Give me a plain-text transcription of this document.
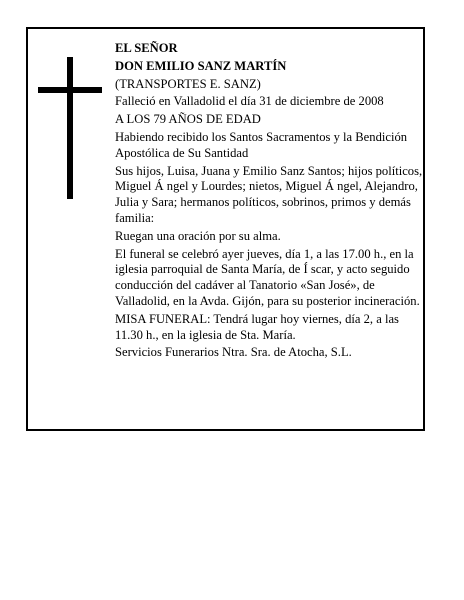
EL SEÑOR

DON EMILIO SANZ MARTÍN

(TRANSPORTES E. SANZ)

Falleció en Valladolid el día 31 de diciembre de 2008

A LOS 79 AÑOS DE EDAD

Habiendo recibido los Santos Sacramentos y la Bendición Apostólica de Su Santidad

Sus hijos, Luisa, Juana y Emilio Sanz Santos; hijos políticos, Miguel Á ngel y Lourdes; nietos, Miguel Á ngel, Alejandro, Julia y Sara; hermanos políticos, sobrinos, primos y demás familia:

Ruegan una oración por su alma.

El funeral se celebró ayer jueves, día 1, a las 17.00 h., en la iglesia parroquial de Santa María, de Í scar, y acto seguido conducción del cadáver al Tanatorio «San José», de Valladolid, en la Avda. Gijón, para su posterior incineración.

MISA FUNERAL: Tendrá lugar hoy viernes, día 2, a las 11.30 h., en la iglesia de Sta. María.

Servicios Funerarios Ntra. Sra. de Atocha, S.L.
